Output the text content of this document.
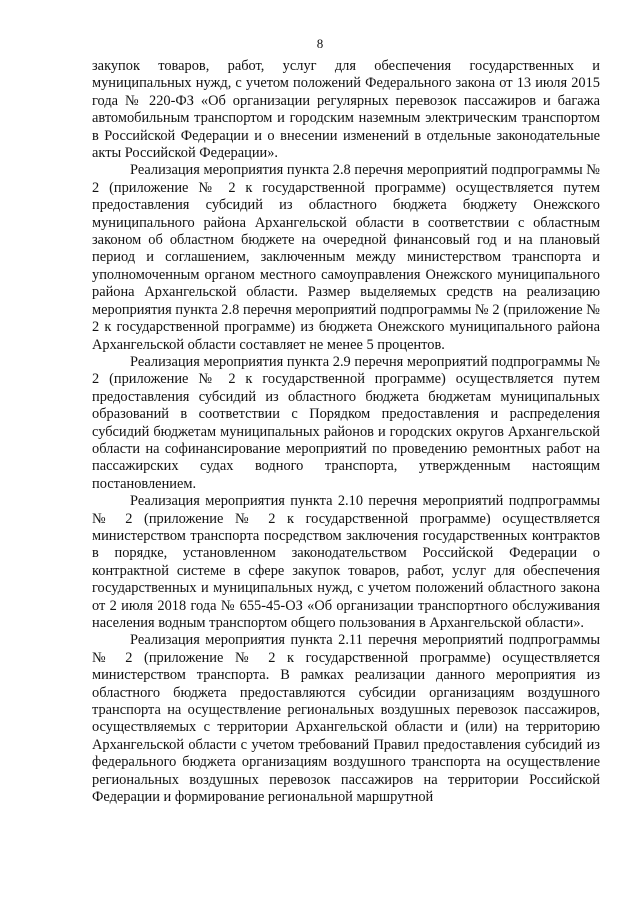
8

закупок товаров, работ, услуг для обеспечения государственных и муниципальных нужд, с учетом положений Федерального закона от 13 июля 2015 года № 220-ФЗ «Об организации регулярных перевозок пассажиров и багажа автомобильным транспортом и городским наземным электрическим транспортом в Российской Федерации и о внесении изменений в отдельные законодательные акты Российской Федерации».

Реализация мероприятия пункта 2.8 перечня мероприятий подпрограммы № 2 (приложение № 2 к государственной программе) осуществляется путем предоставления субсидий из областного бюджета бюджету Онежского муниципального района Архангельской области в соответствии с областным законом об областном бюджете на очередной финансовый год и на плановый период и соглашением, заключенным между министерством транспорта и уполномоченным органом местного самоуправления Онежского муниципального района Архангельской области. Размер выделяемых средств на реализацию мероприятия пункта 2.8 перечня мероприятий подпрограммы № 2 (приложение № 2 к государственной программе) из бюджета Онежского муниципального района Архангельской области составляет не менее 5 процентов.

Реализация мероприятия пункта 2.9 перечня мероприятий подпрограммы № 2 (приложение № 2 к государственной программе) осуществляется путем предоставления субсидий из областного бюджета бюджетам муниципальных образований в соответствии с Порядком предоставления и распределения субсидий бюджетам муниципальных районов и городских округов Архангельской области на софинансирование мероприятий по проведению ремонтных работ на пассажирских судах водного транспорта, утвержденным настоящим постановлением.

Реализация мероприятия пункта 2.10 перечня мероприятий подпрограммы № 2 (приложение № 2 к государственной программе) осуществляется министерством транспорта посредством заключения государственных контрактов в порядке, установленном законодательством Российской Федерации о контрактной системе в сфере закупок товаров, работ, услуг для обеспечения государственных и муниципальных нужд, с учетом положений областного закона от 2 июля 2018 года № 655-45-ОЗ «Об организации транспортного обслуживания населения водным транспортом общего пользования в Архангельской области».

Реализация мероприятия пункта 2.11 перечня мероприятий подпрограммы № 2 (приложение № 2 к государственной программе) осуществляется министерством транспорта. В рамках реализации данного мероприятия из областного бюджета предоставляются субсидии организациям воздушного транспорта на осуществление региональных воздушных перевозок пассажиров, осуществляемых с территории Архангельской области и (или) на территорию Архангельской области с учетом требований Правил предоставления субсидий из федерального бюджета организациям воздушного транспорта на осуществление региональных воздушных перевозок пассажиров на территории Российской Федерации и формирование региональной маршрутной
